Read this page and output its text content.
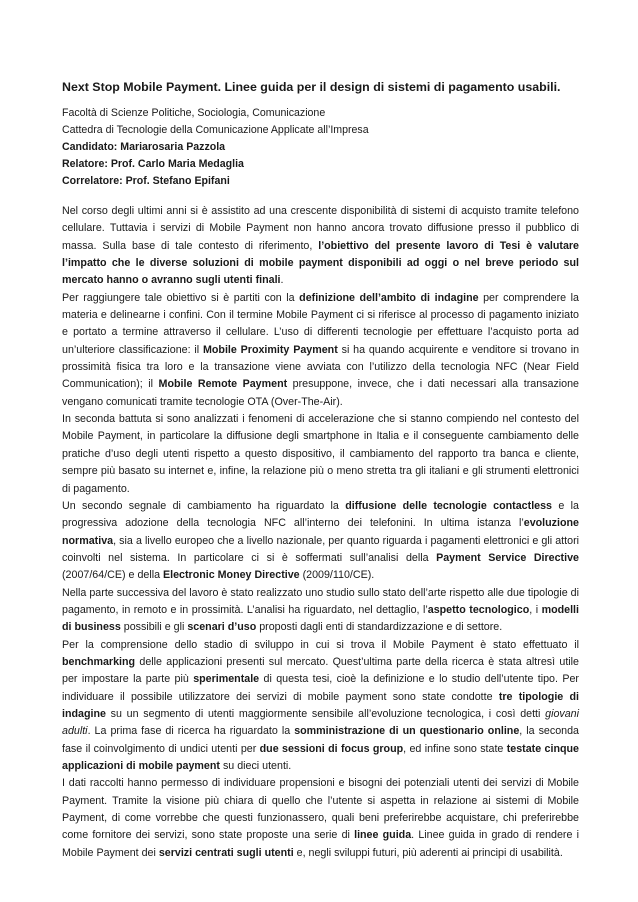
Next Stop Mobile Payment. Linee guida per il design di sistemi di pagamento usabili.
Facoltà di Scienze Politiche, Sociologia, Comunicazione
Cattedra di Tecnologie della Comunicazione Applicate all’Impresa
Candidato: Mariarosaria Pazzola
Relatore: Prof. Carlo Maria Medaglia
Correlatore: Prof. Stefano Epifani

Nel corso degli ultimi anni si è assistito ad una crescente disponibilità di sistemi di acquisto tramite telefono cellulare. Tuttavia i servizi di Mobile Payment non hanno ancora trovato diffusione presso il pubblico di massa. Sulla base di tale contesto di riferimento, l’obiettivo del presente lavoro di Tesi è valutare l’impatto che le diverse soluzioni di mobile payment disponibili ad oggi o nel breve periodo sul mercato hanno o avranno sugli utenti finali.

Per raggiungere tale obiettivo si è partiti con la definizione dell’ambito di indagine per comprendere la materia e delinearne i confini. Con il termine Mobile Payment ci si riferisce al processo di pagamento iniziato e portato a termine attraverso il cellulare. L’uso di differenti tecnologie per effettuare l’acquisto porta ad un’ulteriore classificazione: il Mobile Proximity Payment si ha quando acquirente e venditore si trovano in prossimità fisica tra loro e la transazione viene avviata con l’utilizzo della tecnologia NFC (Near Field Communication); il Mobile Remote Payment presuppone, invece, che i dati necessari alla transazione vengano comunicati tramite tecnologie OTA (Over-The-Air).

In seconda battuta si sono analizzati i fenomeni di accelerazione che si stanno compiendo nel contesto del Mobile Payment, in particolare la diffusione degli smartphone in Italia e il conseguente cambiamento delle pratiche d’uso degli utenti rispetto a questo dispositivo, il cambiamento del rapporto tra banca e cliente, sempre più basato su internet e, infine, la relazione più o meno stretta tra gli italiani e gli strumenti elettronici di pagamento.

Un secondo segnale di cambiamento ha riguardato la diffusione delle tecnologie contactless e la progressiva adozione della tecnologia NFC all’interno dei telefonini. In ultima istanza l’evoluzione normativa, sia a livello europeo che a livello nazionale, per quanto riguarda i pagamenti elettronici e gli attori coinvolti nel sistema. In particolare ci si è soffermati sull’analisi della Payment Service Directive (2007/64/CE) e della Electronic Money Directive (2009/110/CE).

Nella parte successiva del lavoro è stato realizzato uno studio sullo stato dell’arte rispetto alle due tipologie di pagamento, in remoto e in prossimità. L’analisi ha riguardato, nel dettaglio, l’aspetto tecnologico, i modelli di business possibili e gli scenari d’uso proposti dagli enti di standardizzazione e di settore.

Per la comprensione dello stadio di sviluppo in cui si trova il Mobile Payment è stato effettuato il benchmarking delle applicazioni presenti sul mercato. Quest’ultima parte della ricerca è stata altresì utile per impostare la parte più sperimentale di questa tesi, cioè la definizione e lo studio dell’utente tipo. Per individuare il possibile utilizzatore dei servizi di mobile payment sono state condotte tre tipologie di indagine su un segmento di utenti maggiormente sensibile all’evoluzione tecnologica, i così detti giovani adulti. La prima fase di ricerca ha riguardato la somministrazione di un questionario online, la seconda fase il coinvolgimento di undici utenti per due sessioni di focus group, ed infine sono state testate cinque applicazioni di mobile payment su dieci utenti.

I dati raccolti hanno permesso di individuare propensioni e bisogni dei potenziali utenti dei servizi di Mobile Payment. Tramite la visione più chiara di quello che l’utente si aspetta in relazione ai sistemi di Mobile Payment, di come vorrebbe che questi funzionassero, quali beni preferirebbe acquistare, chi preferirebbe come fornitore dei servizi, sono state proposte una serie di linee guida. Linee guida in grado di rendere i Mobile Payment dei servizi centrati sugli utenti e, negli sviluppi futuri, più aderenti ai principi di usabilità.
